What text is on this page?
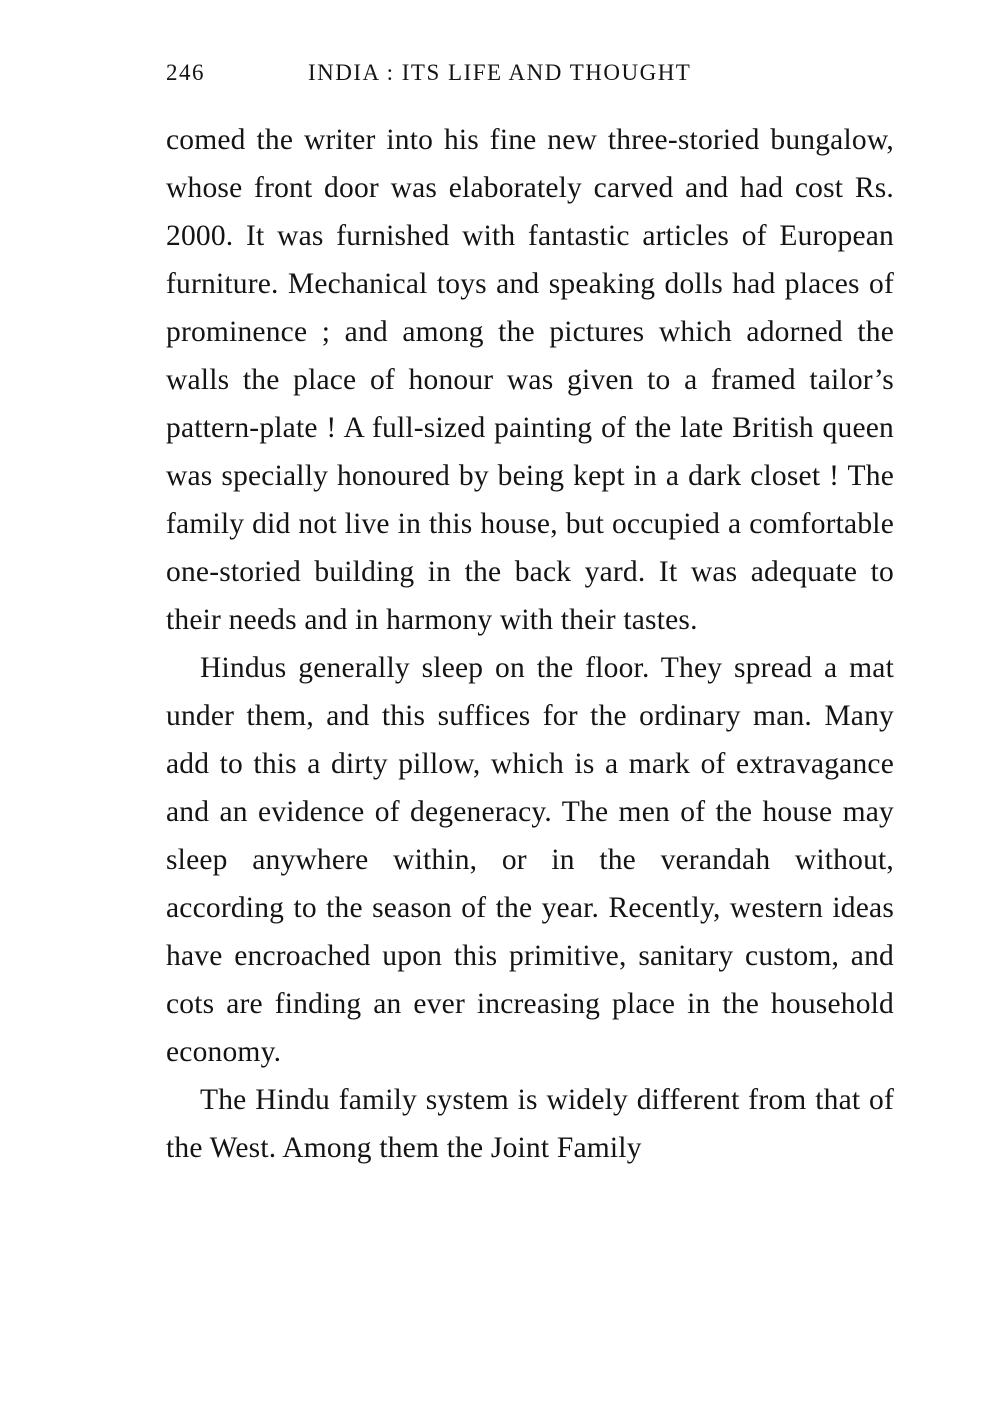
246	INDIA : ITS LIFE AND THOUGHT

comed the writer into his fine new three-storied bungalow, whose front door was elaborately carved and had cost Rs. 2000. It was furnished with fantastic articles of European furniture. Mechanical toys and speaking dolls had places of prominence ; and among the pictures which adorned the walls the place of honour was given to a framed tailor’s pattern-plate ! A full-sized painting of the late British queen was specially honoured by being kept in a dark closet ! The family did not live in this house, but occupied a comfortable one-storied building in the back yard. It was adequate to their needs and in harmony with their tastes.

Hindus generally sleep on the floor. They spread a mat under them, and this suffices for the ordinary man. Many add to this a dirty pillow, which is a mark of extravagance and an evidence of degeneracy. The men of the house may sleep anywhere within, or in the verandah without, according to the season of the year. Recently, western ideas have encroached upon this primitive, sanitary custom, and cots are finding an ever increasing place in the household economy.

The Hindu family system is widely different from that of the West. Among them the Joint Family
